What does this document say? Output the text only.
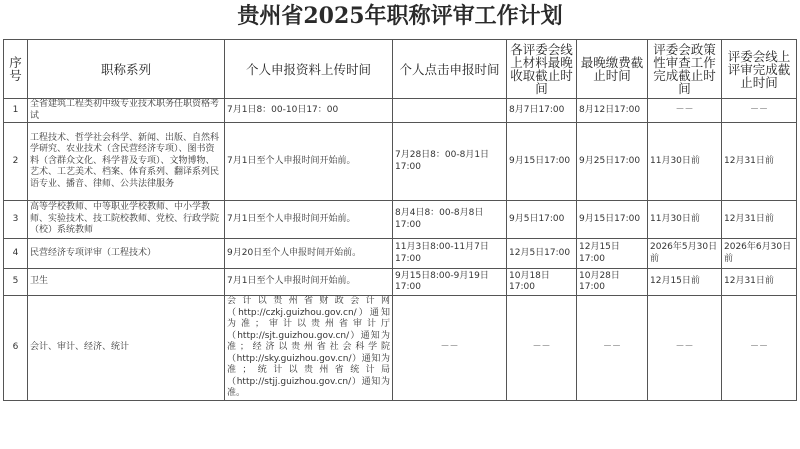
贵州省2025年职称评审工作计划
序号	职称系列	个人申报资料上传时间	个人点击申报时间	各评委会线上材料最晚收取截止时间	最晚缴费截止时间	评委会政策性审查工作完成截止时间	评委会线上评审完成截止时间
1	全省建筑工程类初中级专业技术职务任职资格考试	7月1日8：00-10日17：00		8月7日17:00	8月12日17:00	－－	－－
2	工程技术、哲学社会科学、新闻、出版、自然科学研究、农业技术（含民营经济专项）、图书资料（含群众文化、科学普及专项）、文物博物、艺术、工艺美术、档案、体育系列、翻译系列民语专业、播音、律师、公共法律服务	7月1日至个人申报时间开始前。	7月28日8：00-8月1日17:00	9月15日17:00	9月25日17:00	11月30日前	12月31日前
3	高等学校教师、中等职业学校教师、中小学教师、实验技术、技工院校教师、党校、行政学院（校）系统教师	7月1日至个人申报时间开始前。	8月4日8：00-8月8日17:00	9月5日17:00	9月15日17:00	11月30日前	12月31日前
4	民营经济专项评审（工程技术）	9月20日至个人申报时间开始前。	11月3日8:00-11月7日17:00	12月5日17:00	12月15日17:00	2026年5月30日前	2026年6月30日前
5	卫生	7月1日至个人申报时间开始前。	9月15日8:00-9月19日17:00	10月18日17:00	10月28日17:00	12月15日前	12月31日前
6	会计、审计、经济、统计	会计以贵州省财政会计网（http://czkj.guizhou.gov.cn/）通知为准；审计以贵州省审计厅（http://sjt.guizhou.gov.cn/）通知为准；经济以贵州省社会科学院（http://sky.guizhou.gov.cn/）通知为准；统计以贵州省统计局（http://stjj.guizhou.gov.cn/）通知为准。	－－	－－	－－	－－	－－
